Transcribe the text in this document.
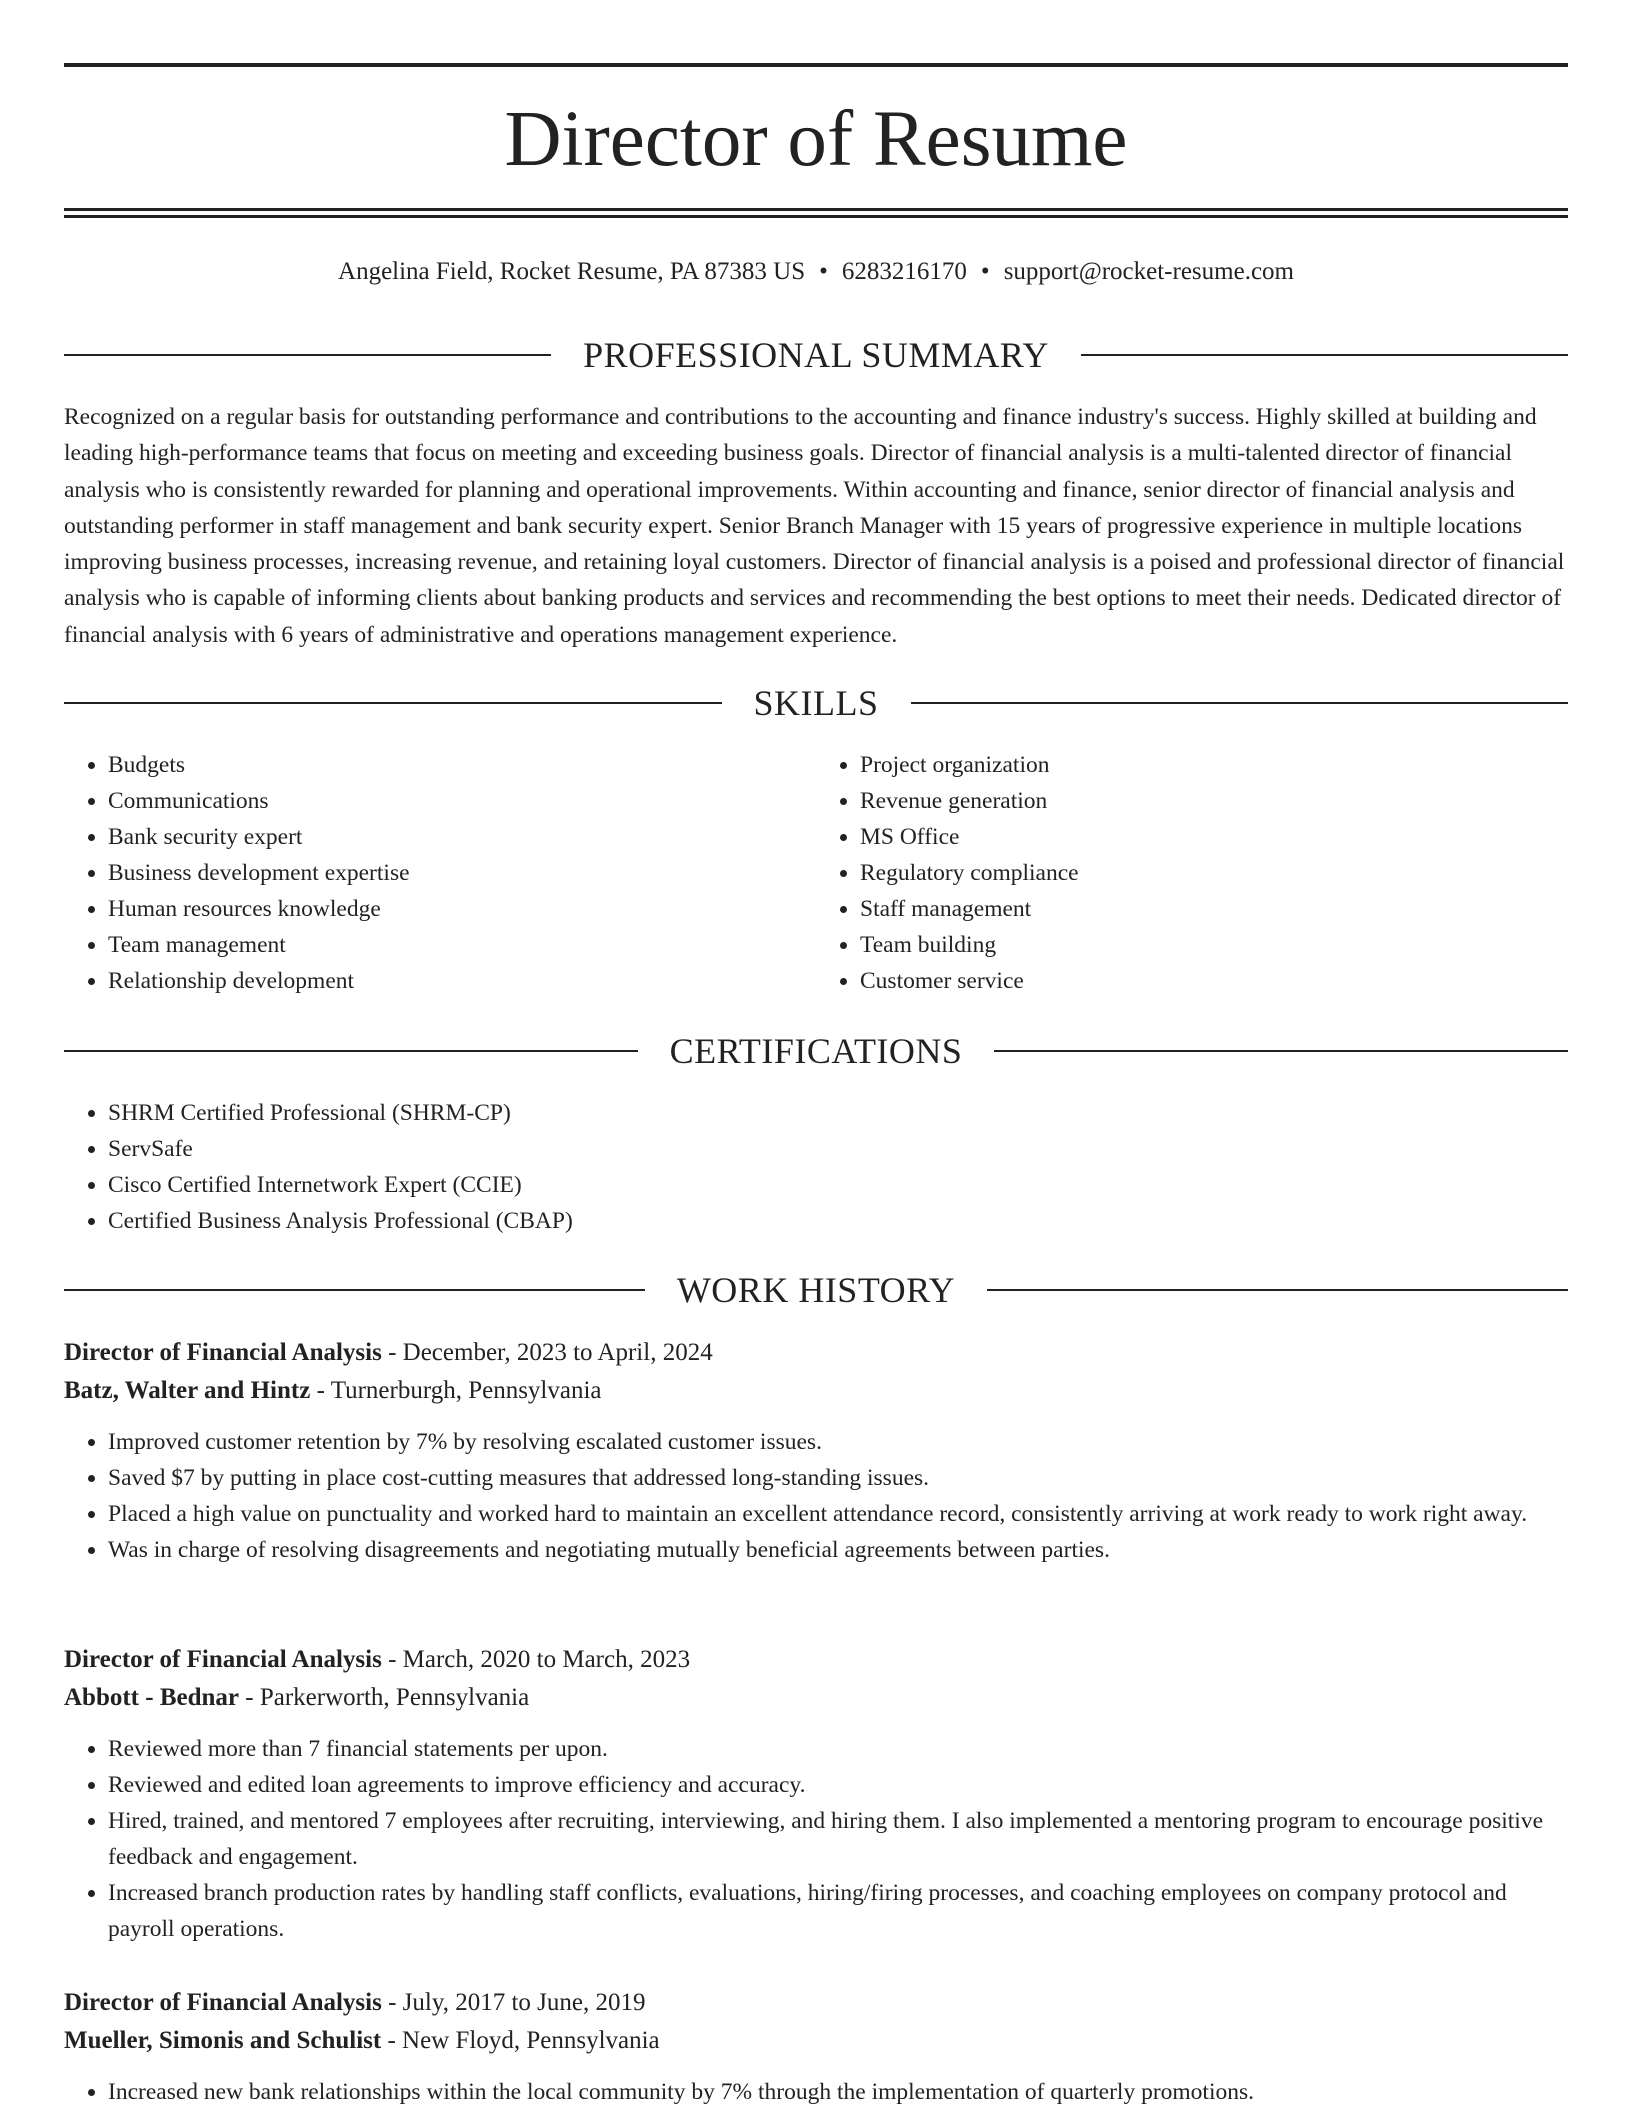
Director of Resume
Angelina Field, Rocket Resume, PA 87383 US • 6283216170 • support@rocket-resume.com
PROFESSIONAL SUMMARY
Recognized on a regular basis for outstanding performance and contributions to the accounting and finance industry's success. Highly skilled at building and leading high-performance teams that focus on meeting and exceeding business goals. Director of financial analysis is a multi-talented director of financial analysis who is consistently rewarded for planning and operational improvements. Within accounting and finance, senior director of financial analysis and outstanding performer in staff management and bank security expert. Senior Branch Manager with 15 years of progressive experience in multiple locations improving business processes, increasing revenue, and retaining loyal customers. Director of financial analysis is a poised and professional director of financial analysis who is capable of informing clients about banking products and services and recommending the best options to meet their needs. Dedicated director of financial analysis with 6 years of administrative and operations management experience.
SKILLS
• Budgets
• Communications
• Bank security expert
• Business development expertise
• Human resources knowledge
• Team management
• Relationship development
• Project organization
• Revenue generation
• MS Office
• Regulatory compliance
• Staff management
• Team building
• Customer service
CERTIFICATIONS
• SHRM Certified Professional (SHRM-CP)
• ServSafe
• Cisco Certified Internetwork Expert (CCIE)
• Certified Business Analysis Professional (CBAP)
WORK HISTORY
Director of Financial Analysis - December, 2023 to April, 2024
Batz, Walter and Hintz - Turnerburgh, Pennsylvania
• Improved customer retention by 7% by resolving escalated customer issues.
• Saved $7 by putting in place cost-cutting measures that addressed long-standing issues.
• Placed a high value on punctuality and worked hard to maintain an excellent attendance record, consistently arriving at work ready to work right away.
• Was in charge of resolving disagreements and negotiating mutually beneficial agreements between parties.
Director of Financial Analysis - March, 2020 to March, 2023
Abbott - Bednar - Parkerworth, Pennsylvania
• Reviewed more than 7 financial statements per upon.
• Reviewed and edited loan agreements to improve efficiency and accuracy.
• Hired, trained, and mentored 7 employees after recruiting, interviewing, and hiring them. I also implemented a mentoring program to encourage positive feedback and engagement.
• Increased branch production rates by handling staff conflicts, evaluations, hiring/firing processes, and coaching employees on company protocol and payroll operations.
Director of Financial Analysis - July, 2017 to June, 2019
Mueller, Simonis and Schulist - New Floyd, Pennsylvania
• Increased new bank relationships within the local community by 7% through the implementation of quarterly promotions.
